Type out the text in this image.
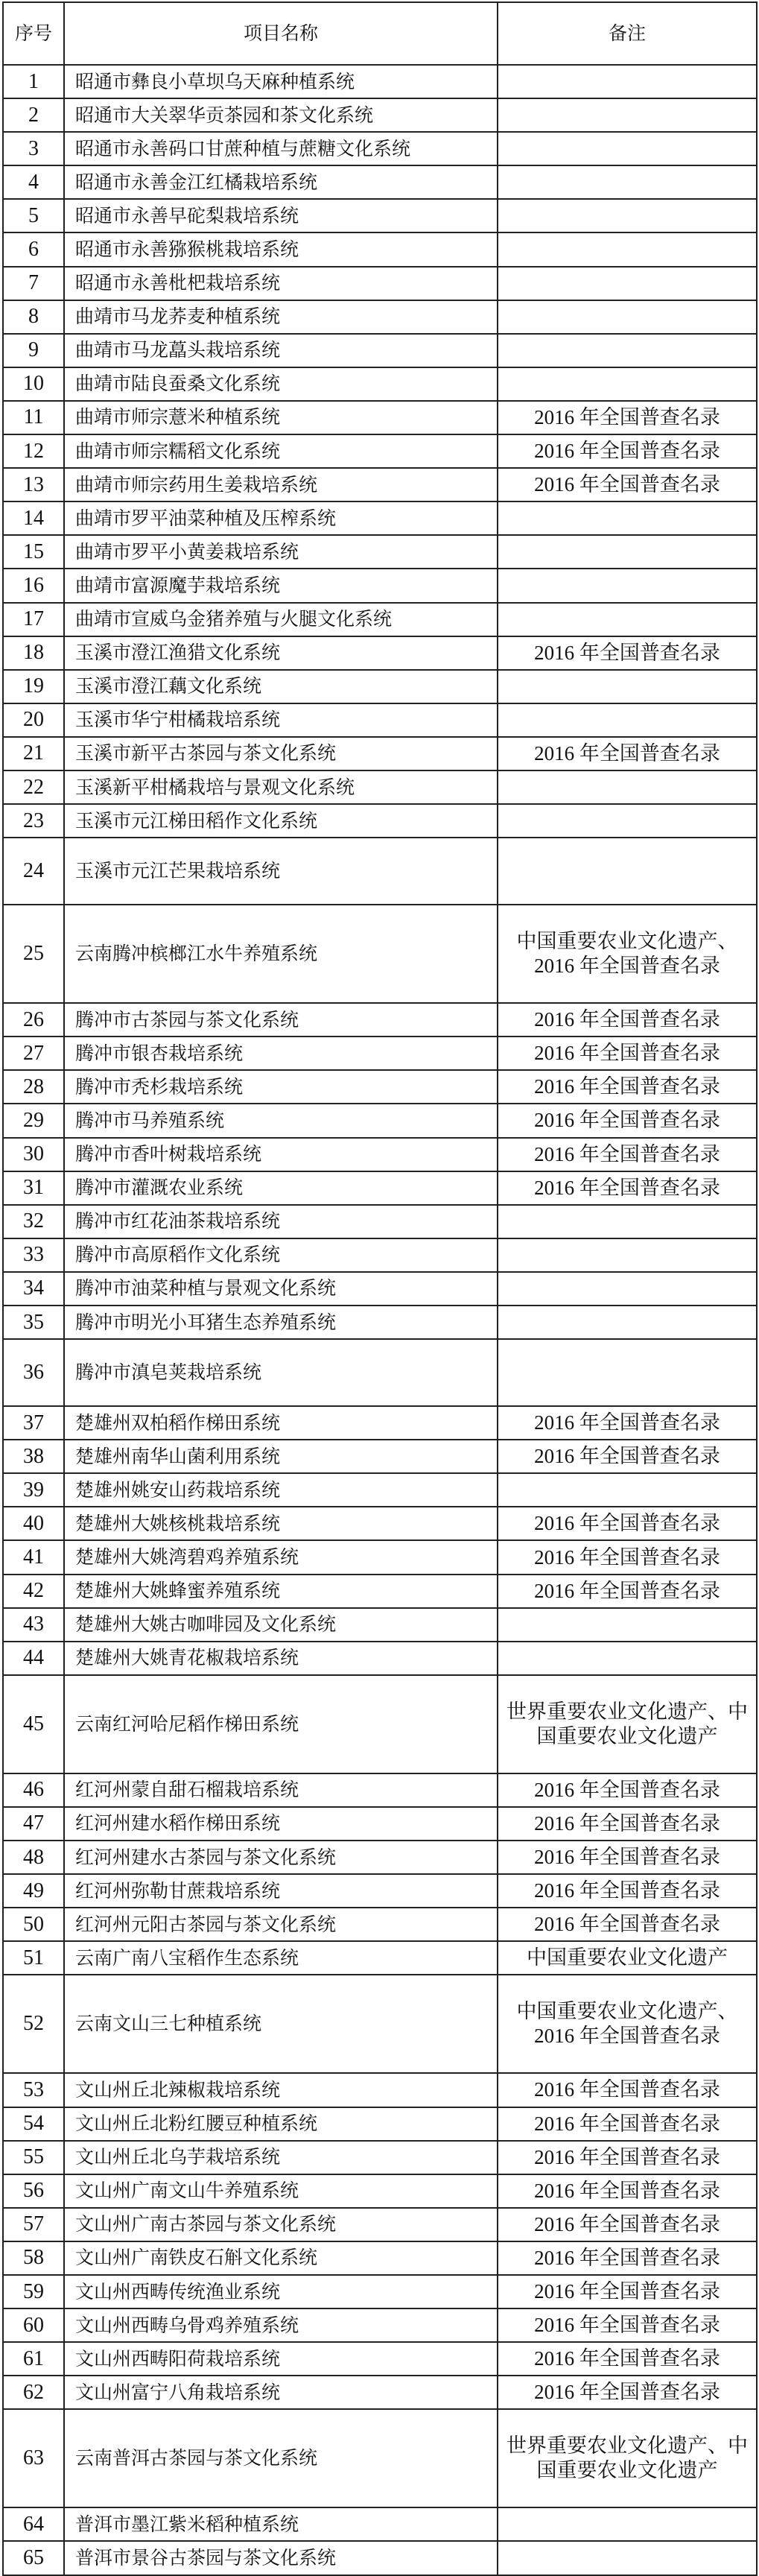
序号	项目名称	备注
1	昭通市彝良小草坝乌天麻种植系统	
2	昭通市大关翠华贡茶园和茶文化系统	
3	昭通市永善码口甘蔗种植与蔗糖文化系统	
4	昭通市永善金江红橘栽培系统	
5	昭通市永善早砣梨栽培系统	
6	昭通市永善猕猴桃栽培系统	
7	昭通市永善枇杷栽培系统	
8	曲靖市马龙荞麦种植系统	
9	曲靖市马龙藠头栽培系统	
10	曲靖市陆良蚕桑文化系统	
11	曲靖市师宗薏米种植系统	2016 年全国普查名录
12	曲靖市师宗糯稻文化系统	2016 年全国普查名录
13	曲靖市师宗药用生姜栽培系统	2016 年全国普查名录
14	曲靖市罗平油菜种植及压榨系统	
15	曲靖市罗平小黄姜栽培系统	
16	曲靖市富源魔芋栽培系统	
17	曲靖市宣威乌金猪养殖与火腿文化系统	
18	玉溪市澄江渔猎文化系统	2016 年全国普查名录
19	玉溪市澄江藕文化系统	
20	玉溪市华宁柑橘栽培系统	
21	玉溪市新平古茶园与茶文化系统	2016 年全国普查名录
22	玉溪新平柑橘栽培与景观文化系统	
23	玉溪市元江梯田稻作文化系统	
24	玉溪市元江芒果栽培系统	
25	云南腾冲槟榔江水牛养殖系统	中国重要农业文化遗产、2016 年全国普查名录
26	腾冲市古茶园与茶文化系统	2016 年全国普查名录
27	腾冲市银杏栽培系统	2016 年全国普查名录
28	腾冲市秃杉栽培系统	2016 年全国普查名录
29	腾冲市马养殖系统	2016 年全国普查名录
30	腾冲市香叶树栽培系统	2016 年全国普查名录
31	腾冲市灌溉农业系统	2016 年全国普查名录
32	腾冲市红花油茶栽培系统	
33	腾冲市高原稻作文化系统	
34	腾冲市油菜种植与景观文化系统	
35	腾冲市明光小耳猪生态养殖系统	
36	腾冲市滇皂荚栽培系统	
37	楚雄州双柏稻作梯田系统	2016 年全国普查名录
38	楚雄州南华山菌利用系统	2016 年全国普查名录
39	楚雄州姚安山药栽培系统	
40	楚雄州大姚核桃栽培系统	2016 年全国普查名录
41	楚雄州大姚湾碧鸡养殖系统	2016 年全国普查名录
42	楚雄州大姚蜂蜜养殖系统	2016 年全国普查名录
43	楚雄州大姚古咖啡园及文化系统	
44	楚雄州大姚青花椒栽培系统	
45	云南红河哈尼稻作梯田系统	世界重要农业文化遗产、中国重要农业文化遗产
46	红河州蒙自甜石榴栽培系统	2016 年全国普查名录
47	红河州建水稻作梯田系统	2016 年全国普查名录
48	红河州建水古茶园与茶文化系统	2016 年全国普查名录
49	红河州弥勒甘蔗栽培系统	2016 年全国普查名录
50	红河州元阳古茶园与茶文化系统	2016 年全国普查名录
51	云南广南八宝稻作生态系统	中国重要农业文化遗产
52	云南文山三七种植系统	中国重要农业文化遗产、2016 年全国普查名录
53	文山州丘北辣椒栽培系统	2016 年全国普查名录
54	文山州丘北粉红腰豆种植系统	2016 年全国普查名录
55	文山州丘北乌芋栽培系统	2016 年全国普查名录
56	文山州广南文山牛养殖系统	2016 年全国普查名录
57	文山州广南古茶园与茶文化系统	2016 年全国普查名录
58	文山州广南铁皮石斛文化系统	2016 年全国普查名录
59	文山州西畴传统渔业系统	2016 年全国普查名录
60	文山州西畴乌骨鸡养殖系统	2016 年全国普查名录
61	文山州西畴阳荷栽培系统	2016 年全国普查名录
62	文山州富宁八角栽培系统	2016 年全国普查名录
63	云南普洱古茶园与茶文化系统	世界重要农业文化遗产、中国重要农业文化遗产
64	普洱市墨江紫米稻种植系统	
65	普洱市景谷古茶园与茶文化系统	
